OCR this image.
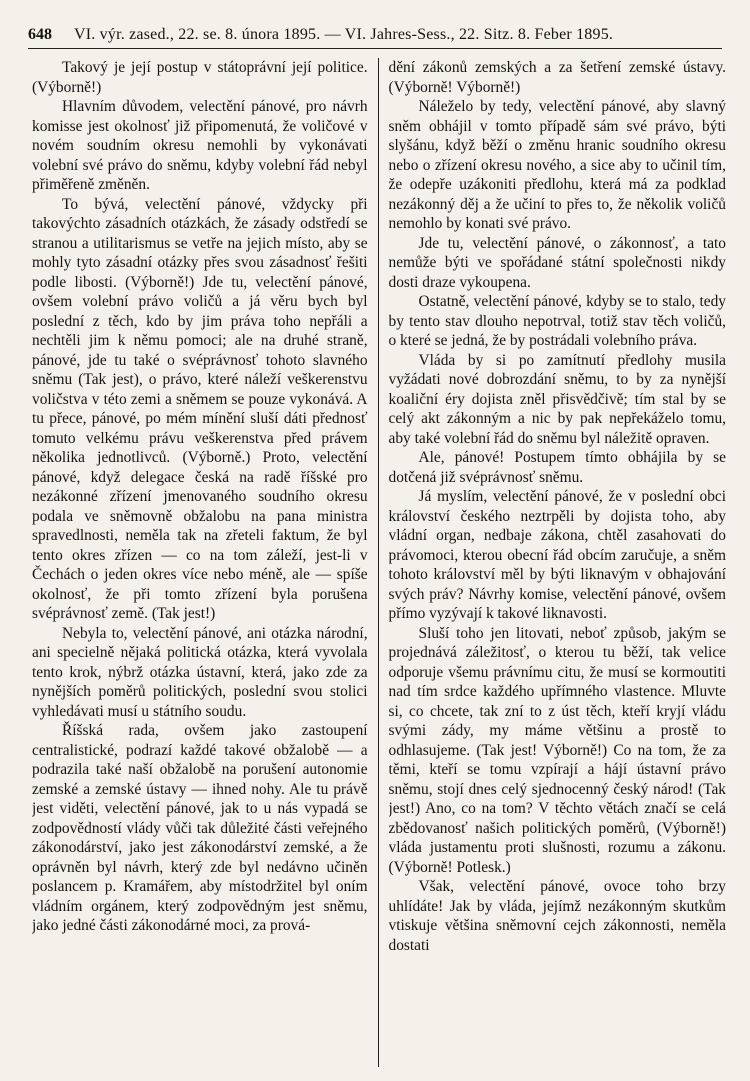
648 VI. výr. zased., 22. se. 8. února 1895. — VI. Jahres-Sess., 22. Sitz. 8. Feber 1895.

Takový je její postup v státoprávní její politice. (Výborně!)

Hlavním důvodem, velectění pánové, pro návrh komisse jest okolnosť již připomenutá, že voličové v novém soudním okresu nemohli by vykonávati volební své právo do sněmu, kdyby volební řád nebyl přiměřeně změněn.

To bývá, velectění pánové, vždycky při takovýchto zásadních otázkách, že zásady odstředí se stranou a utilitarismus se vetře na jejich místo, aby se mohly tyto zásadní otázky přes svou zásadnosť řešiti podle libosti. (Výborně!) Jde tu, velectění pánové, ovšem volební právo voličů a já věru bych byl poslední z těch, kdo by jim práva toho nepřáli a nechtěli jim k němu pomoci; ale na druhé straně, pánové, jde tu také o svéprávnosť tohoto slavného sněmu (Tak jest), o právo, které náleží veškerenstvu voličstva v této zemi a sněmem se pouze vykonává. A tu přece, pánové, po mém mínění sluší dáti přednosť tomuto velkému právu veškerenstva před právem několika jednotlivců. (Výborně.) Proto, velectění pánové, když delegace česká na radě říšské pro nezákonné zřízení jmenovaného soudního okresu podala ve sněmovně obžalobu na pana ministra spravedlnosti, neměla tak na zřeteli faktum, že byl tento okres zřízen — co na tom záleží, jest-li v Čechách o jeden okres více nebo méně, ale — spíše okolnosť, že při tomto zřízení byla porušena svéprávnosť země. (Tak jest!)

Nebyla to, velectění pánové, ani otázka národní, ani specielně nějaká politická otázka, která vyvolala tento krok, nýbrž otázka ústavní, která, jako zde za nynějších poměrů politických, poslední svou stolici vyhledávati musí u státního soudu.

Říšská rada, ovšem jako zastoupení centralistické, podrazí každé takové obžalobě — a podrazila také naší obžalobě na porušení autonomie zemské a zemské ústavy — ihned nohy. Ale tu právě jest viděti, velectění pánové, jak to u nás vypadá se zodpovědností vlády vůči tak důležité části veřejného zákonodárství, jako jest zákonodárství zemské, a že oprávněn byl návrh, který zde byl nedávno učiněn poslancem p. Kramářem, aby místodržitel byl oním vládním orgánem, který zodpovědným jest sněmu, jako jedné části zákonodárné moci, za prová-

dění zákonů zemských a za šetření zemské ústavy. (Výborně! Výborně!)

Náleželo by tedy, velectění pánové, aby slavný sněm obhájil v tomto případě sám své právo, býti slyšánu, když běží o změnu hranic soudního okresu nebo o zřízení okresu nového, a sice aby to učinil tím, že odepře uzákoniti předlohu, která má za podklad nezákonný děj a že učiní to přes to, že několik voličů nemohlo by konati své právo.

Jde tu, velectění pánové, o zákonnosť, a tato nemůže býti ve spořádané státní společnosti nikdy dosti draze vykoupena.

Ostatně, velectění pánové, kdyby se to stalo, tedy by tento stav dlouho nepotrval, totiž stav těch voličů, o které se jedná, že by postrádali volebního práva.

Vláda by si po zamítnutí předlohy musila vyžádati nové dobrozdání sněmu, to by za nynější koaliční éry dojista zněl přisvědčivě; tím stal by se celý akt zákonným a nic by pak nepřekáželo tomu, aby také volební řád do sněmu byl náležitě opraven.

Ale, pánové! Postupem tímto obhájila by se dotčená již svéprávnosť sněmu.

Já myslím, velectění pánové, že v poslední obci království českého neztrpěli by dojista toho, aby vládní organ, nedbaje zákona, chtěl zasahovati do právomoci, kterou obecní řád obcím zaručuje, a sněm tohoto království měl by býti liknavým v obhajování svých práv? Návrhy komise, velectění pánové, ovšem přímo vyzývají k takové liknavosti.

Sluší toho jen litovati, neboť způsob, jakým se projednává záležitosť, o kterou tu běží, tak velice odporuje všemu právnímu citu, že musí se kormoutiti nad tím srdce každého upřímného vlastence. Mluvte si, co chcete, tak zní to z úst těch, kteří kryjí vládu svými zády, my máme většinu a prostě to odhlasujeme. (Tak jest! Výborně!) Co na tom, že za těmi, kteří se tomu vzpírají a hájí ústavní právo sněmu, stojí dnes celý sjednocenný český národ! (Tak jest!) Ano, co na tom? V těchto větách značí se celá zbědovanosť našich politických poměrů, (Výborně!) vláda justamentu proti slušnosti, rozumu a zákonu. (Výborně! Potlesk.)

Však, velectění pánové, ovoce toho brzy uhlídáte! Jak by vláda, jejímž nezákonným skutkům vtiskuje většina sněmovní cejch zákonnosti, neměla dostati
